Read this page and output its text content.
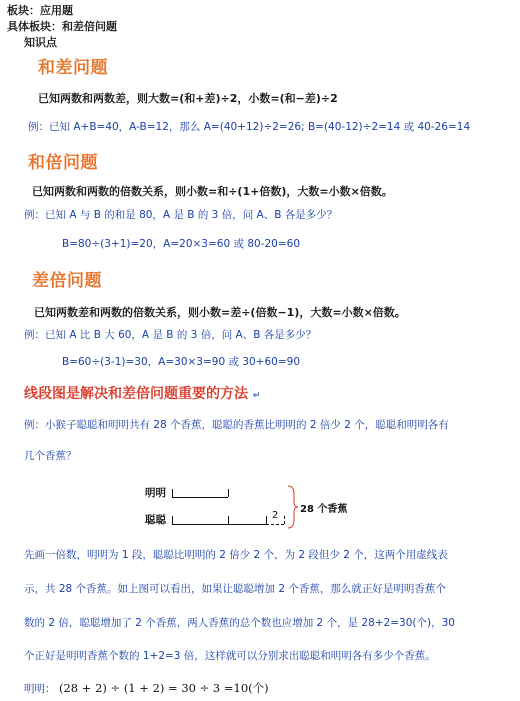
板块：应用题
具体板块：和差倍问题
知识点
和差问题
已知两数和两数差，则大数=(和+差)÷2，小数=(和−差)÷2
例：已知 A+B=40，A-B=12，那么 A=(40+12)÷2=26; B=(40-12)÷2=14 或 40-26=14
和倍问题
已知两数和两数的倍数关系，则小数=和÷(1+倍数)，大数=小数×倍数。
例：已知 A 与 B 的和是 80，A 是 B 的 3 倍，问 A、B 各是多少？
B=80÷(3+1)=20，A=20×3=60 或 80-20=60
差倍问题
已知两数差和两数的倍数关系，则小数=差÷(倍数−1)，大数=小数×倍数。
例：已知 A 比 B 大 60，A 是 B 的 3 倍，问 A、B 各是多少？
B=60÷(3-1)=30，A=30×3=90 或 30+60=90
线段图是解决和差倍问题重要的方法 ↵
例：小猴子聪聪和明明共有 28 个香蕉，聪聪的香蕉比明明的 2 倍少 2 个，聪聪和明明各有
几个香蕉？
明明
聪聪	2
28 个香蕉
先画一倍数，明明为 1 段，聪聪比明明的 2 倍少 2 个，为 2 段但少 2 个，这两个用虚线表
示，共 28 个香蕉。如上图可以看出，如果让聪聪增加 2 个香蕉，那么就正好是明明香蕉个
数的 2 倍，聪聪增加了 2 个香蕉，两人香蕉的总个数也应增加 2 个，是 28+2=30(个)，30
个正好是明明香蕉个数的 1+2=3 倍，这样就可以分别求出聪聪和明明各有多少个香蕉。
明明： (28 + 2) ÷ (1 + 2) = 30 ÷ 3 =10(个)
